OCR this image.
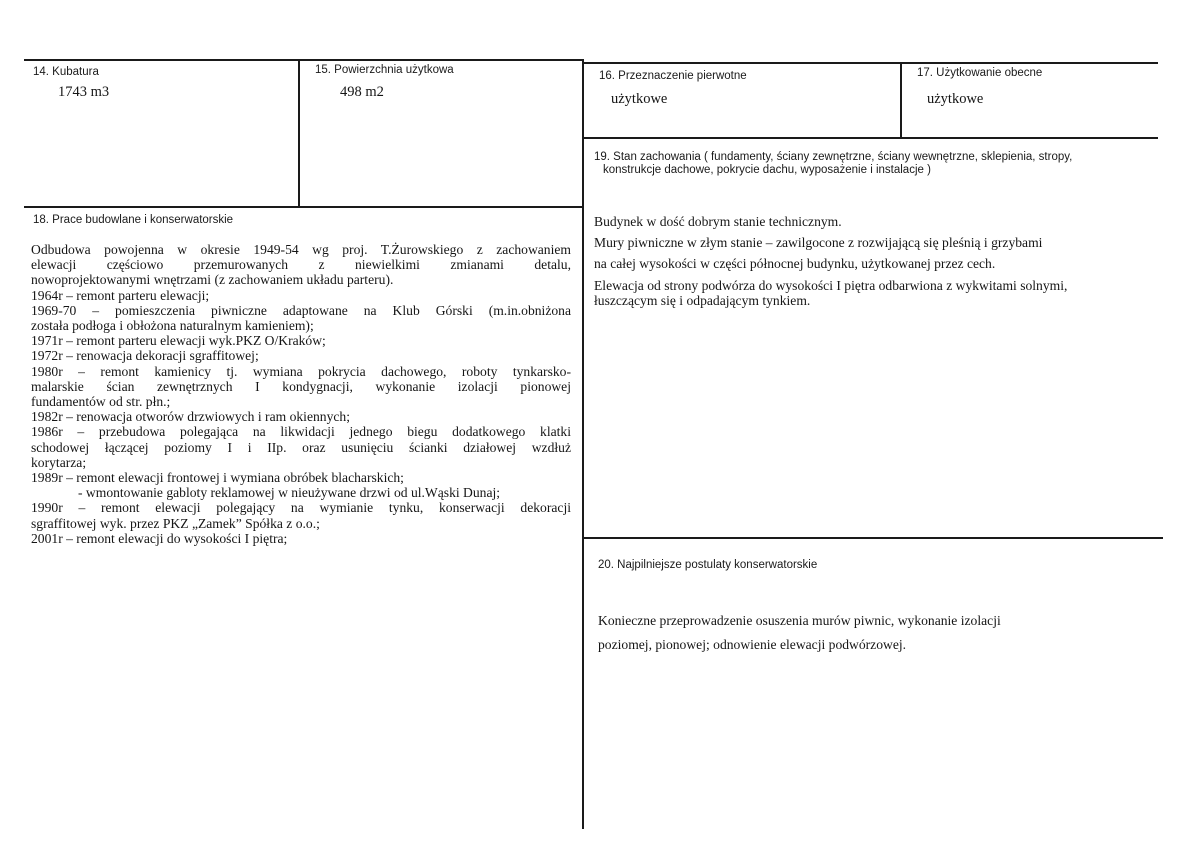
14. Kubatura
1743 m3
15. Powierzchnia użytkowa
498 m2
16. Przeznaczenie pierwotne
użytkowe
17. Użytkowanie obecne
użytkowe
19. Stan zachowania ( fundamenty, ściany zewnętrzne, ściany wewnętrzne, sklepienia, stropy,
konstrukcje dachowe, pokrycie dachu, wyposażenie i instalacje )
18. Prace budowlane i konserwatorskie
Odbudowa powojenna w okresie 1949-54 wg proj. T.Żurowskiego z zachowaniem
elewacji częściowo przemurowanych z niewielkimi zmianami detalu,
nowoprojektowanymi wnętrzami (z zachowaniem układu parteru).
1964r – remont parteru elewacji;
1969-70 – pomieszczenia piwniczne adaptowane na Klub Górski (m.in.obniżona
została podłoga i obłożona naturalnym kamieniem);
1971r – remont parteru elewacji wyk.PKZ O/Kraków;
1972r – renowacja dekoracji sgraffitowej;
1980r – remont kamienicy tj. wymiana pokrycia dachowego, roboty tynkarsko-
malarskie ścian zewnętrznych I kondygnacji, wykonanie izolacji pionowej
fundamentów od str. płn.;
1982r – renowacja otworów drzwiowych i ram okiennych;
1986r – przebudowa polegająca na likwidacji jednego biegu dodatkowego klatki
schodowej łączącej poziomy I i IIp. oraz usunięciu ścianki działowej wzdłuż
korytarza;
1989r – remont elewacji frontowej i wymiana obróbek blacharskich;
- wmontowanie gabloty reklamowej w nieużywane drzwi od ul.Wąski Dunaj;
1990r – remont elewacji polegający na wymianie tynku, konserwacji dekoracji
sgraffitowej wyk. przez PKZ „Zamek” Spółka z o.o.;
2001r – remont elewacji do wysokości I piętra;
Budynek w dość dobrym stanie technicznym.
Mury piwniczne w złym stanie – zawilgocone z rozwijającą się pleśnią i grzybami
na całej wysokości w części północnej budynku, użytkowanej przez cech.
Elewacja od strony podwórza do wysokości I piętra odbarwiona z wykwitami solnymi,
łuszczącym się i odpadającym tynkiem.
20. Najpilniejsze postulaty konserwatorskie
Konieczne przeprowadzenie osuszenia murów piwnic, wykonanie izolacji
poziomej, pionowej; odnowienie elewacji podwórzowej.
